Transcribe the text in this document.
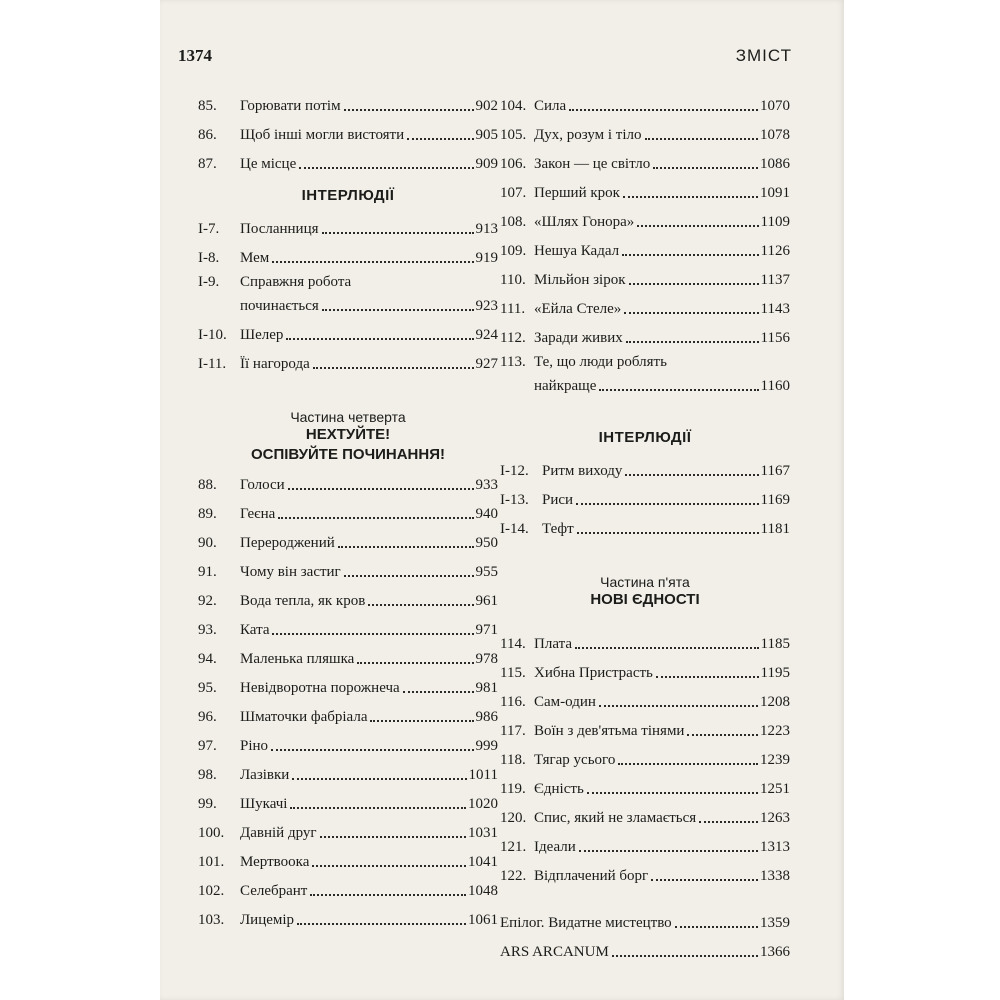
1374	ЗМІСТ
85.	Горювати потім	902
86.	Щоб інші могли вистояти	905
87.	Це місце	909
ІНТЕРЛЮДІЇ
I-7.	Посланниця	913
I-8.	Мем	919
I-9.	Справжня робота
починається	923
I-10. Шелер	924
I-11. Її нагорода	927
Частина четверта
НЕХТУЙТЕ!
ОСПІВУЙТЕ ПОЧИНАННЯ!
88.	Голоси	933
89.	Геєна	940
90.	Перероджений	950
91.	Чому він застиг	955
92.	Вода тепла, як кров	961
93.	Ката	971
94.	Маленька пляшка	978
95.	Невідворотна порожнеча	981
96.	Шматочки фабріала	986
97.	Ріно	999
98.	Лазівки	1011
99.	Шукачі	1020
100.	Давній друг	1031
101.	Мертвоока	1041
102.	Селебрант	1048
103.	Лицемір	1061
104. Сила	1070
105. Дух, розум і тіло	1078
106. Закон — це світло	1086
107. Перший крок	1091
108. «Шлях Гонора»	1109
109. Нешуа Кадал	1126
110. Мільйон зірок	1137
111. «Ейла Стеле»	1143
112. Заради живих	1156
113. Те, що люди роблять
найкраще	1160
ІНТЕРЛЮДІЇ
I-12. Ритм виходу	1167
I-13. Риси	1169
I-14. Тефт	1181
Частина п'ята
НОВІ ЄДНОСТІ
114. Плата	1185
115. Хибна Пристрасть	1195
116. Сам-один	1208
117. Воїн з дев'ятьма тінями	1223
118. Тягар усього	1239
119. Єдність	1251
120. Спис, який не зламається	1263
121. Ідеали	1313
122. Відплачений борг	1338
Епілог. Видатне мистецтво	1359
ARS ARCANUM	1366
